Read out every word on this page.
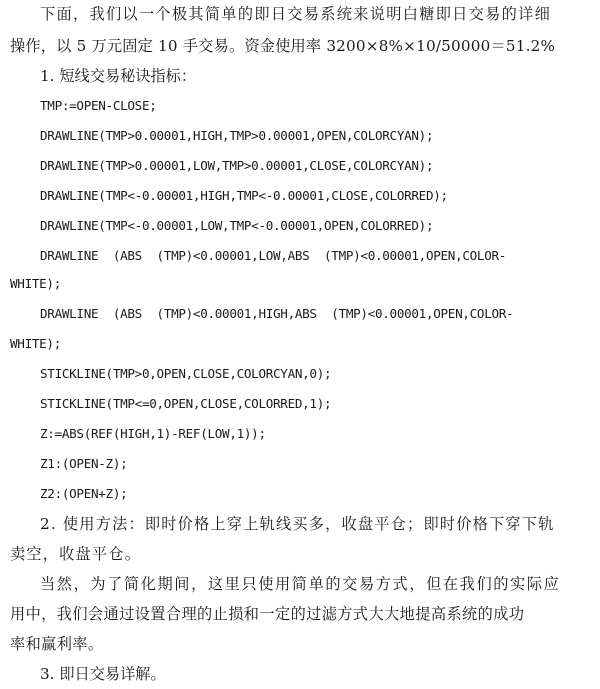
下面，我们以一个极其简单的即日交易系统来说明白糖即日交易的详细
操作，以 5 万元固定 10 手交易。资金使用率 3200×8%×10/50000＝51.2%
1. 短线交易秘诀指标：
TMP:=OPEN-CLOSE;
DRAWLINE(TMP>0.00001,HIGH,TMP>0.00001,OPEN,COLORCYAN);
DRAWLINE(TMP>0.00001,LOW,TMP>0.00001,CLOSE,COLORCYAN);
DRAWLINE(TMP<-0.00001,HIGH,TMP<-0.00001,CLOSE,COLORRED);
DRAWLINE(TMP<-0.00001,LOW,TMP<-0.00001,OPEN,COLORRED);
DRAWLINE  (ABS  (TMP)<0.00001,LOW,ABS  (TMP)<0.00001,OPEN,COLOR-
WHITE);
DRAWLINE  (ABS  (TMP)<0.00001,HIGH,ABS  (TMP)<0.00001,OPEN,COLOR-
WHITE);
STICKLINE(TMP>0,OPEN,CLOSE,COLORCYAN,0);
STICKLINE(TMP<=0,OPEN,CLOSE,COLORRED,1);
Z:=ABS(REF(HIGH,1)-REF(LOW,1));
Z1:(OPEN-Z);
Z2:(OPEN+Z);
2. 使用方法：即时价格上穿上轨线买多，收盘平仓；即时价格下穿下轨
卖空，收盘平仓。
当然，为了简化期间，这里只使用简单的交易方式，但在我们的实际应
用中，我们会通过设置合理的止损和一定的过滤方式大大地提高系统的成功
率和赢利率。
3. 即日交易详解。
